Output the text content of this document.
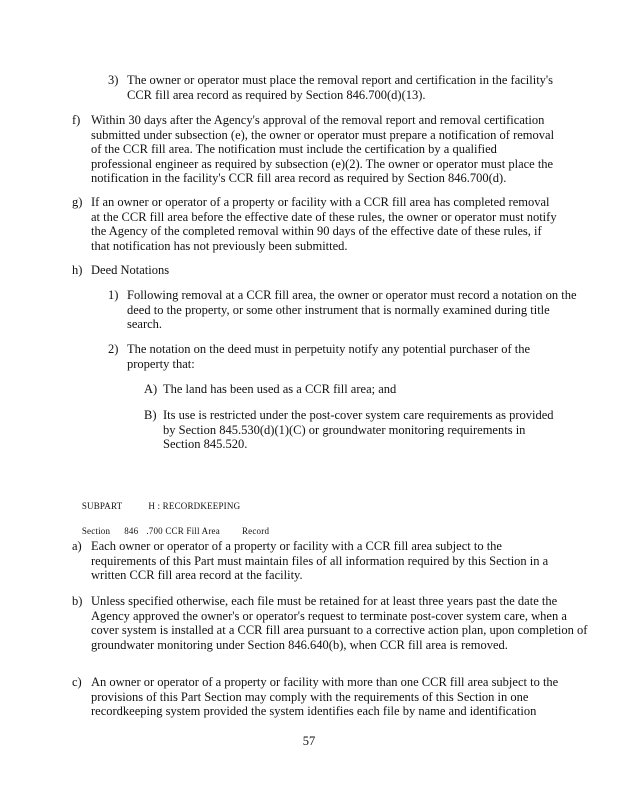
3) The owner or operator must place the removal report and certification in the facility's CCR fill area record as required by Section 846.700(d)(13).

f) Within 30 days after the Agency's approval of the removal report and removal certification submitted under subsection (e), the owner or operator must prepare a notification of removal of the CCR fill area. The notification must include the certification by a qualified professional engineer as required by subsection (e)(2). The owner or operator must place the notification in the facility's CCR fill area record as required by Section 846.700(d).

g) If an owner or operator of a property or facility with a CCR fill area has completed removal at the CCR fill area before the effective date of these rules, the owner or operator must notify the Agency of the completed removal within 90 days of the effective date of these rules, if that notification has not previously been submitted.

h) Deed Notations

1) Following removal at a CCR fill area, the owner or operator must record a notation on the deed to the property, or some other instrument that is normally examined during title search.

2) The notation on the deed must in perpetuity notify any potential purchaser of the property that:

A) The land has been used as a CCR fill area; and

B) Its use is restricted under the post-cover system care requirements as provided by Section 845.530(d)(1)(C) or groundwater monitoring requirements in Section 845.520.

SUBPART	H : RECORDKEEPING

Section 846 .700 CCR Fill Area Record

a) Each owner or operator of a property or facility with a CCR fill area subject to the requirements of this Part must maintain files of all information required by this Section in a written CCR fill area record at the facility.

b) Unless specified otherwise, each file must be retained for at least three years past the date the Agency approved the owner's or operator's request to terminate post-cover system care, when a cover system is installed at a CCR fill area pursuant to a corrective action plan, upon completion of groundwater monitoring under Section 846.640(b), when CCR fill area is removed.

c) An owner or operator of a property or facility with more than one CCR fill area subject to the provisions of this Part Section may comply with the requirements of this Section in one recordkeeping system provided the system identifies each file by name and identification

57
